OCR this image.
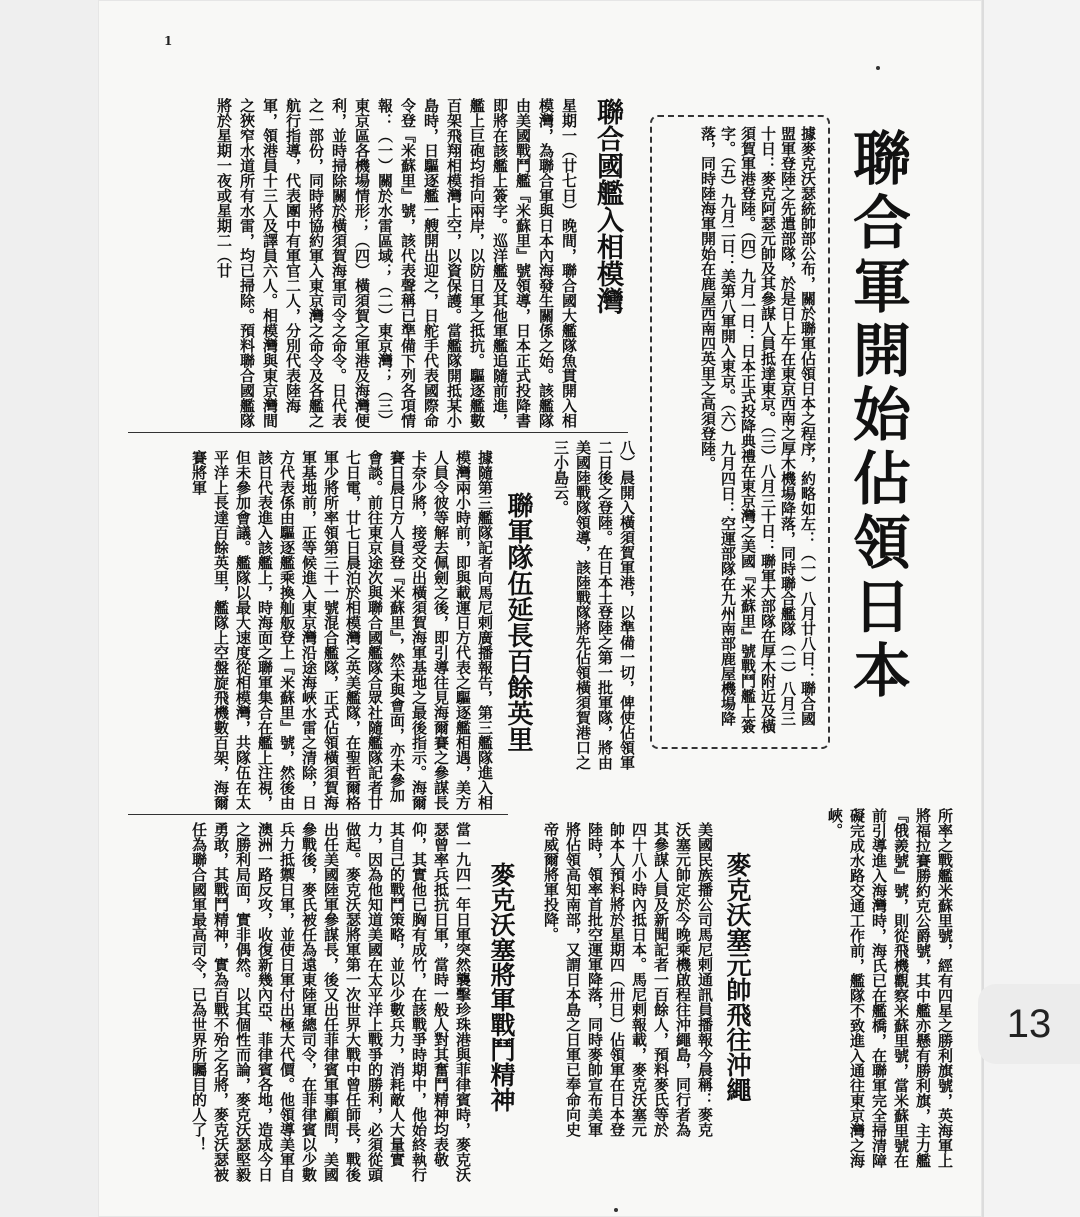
1​
聯合軍開始佔領日本
據麥克沃瑟統帥部公布，關於聯軍佔領日本之程序，約略如左：（一）八月廿八日：聯合國盟軍登陸之先遣部隊，於是日上午在東京西南之厚木機場降落，同時聯合艦隊（二）八月三十日：麥克阿瑟元帥及其參謀人員抵達東京。（三）八月三十日：聯軍大部隊在厚木附近及橫須賀軍港登陸。（四）九月一日：日本正式投降典禮在東京灣之美國『米蘇里』號戰鬥艦上簽字。（五）九月二日：美第八軍開入東京。（六）九月四日：空運部隊在九州南部鹿屋機場降落，同時陸海軍開始在鹿屋西南四英里之高須登陸。
聯合國艦入相模灣
星期一（廿七日）晚間，聯合國大艦隊魚貫開入相模灣，為聯合軍與日本內海發生關係之始。該艦隊由美國戰鬥艦『米蘇里』號領導，日本正式投降書即將在該艦上簽字。巡洋艦及其他軍艦追隨前進，艦上巨砲均指向兩岸，以防日軍之抵抗。驅逐艦數百架飛翔相模灣上空，以資保護。當艦隊開抵某小島時，日驅逐艦一艘開出迎之，日舵手代表國際命令登『米蘇里』號，該代表聲稱已準備下列各項情報：（一）關於水雷區域；（二）東京灣；（三）東京區各機場情形；（四）橫須賀之軍港及海灣便利，並時掃除關於橫須賀海軍司令之命令。日代表之一部份，同時將協約軍入東京灣之命令及各艦之航行指導，代表團中有軍官二人，分別代表陸海軍，領港員十三人及譯員六人。相模灣與東京灣間之狹窄水道所有水雷，均已掃除。預料聯合國艦隊將於星期一夜或星期二（廿
八）晨開入橫須賀軍港，以準備一切，俾使佔領軍二日後之登陸。在日本土登陸之第一批軍隊，將由美國陸戰隊領導，該陸戰隊將先佔領橫須賀港口之三小島云。
聯軍隊伍延長百餘英里
據隨第三艦隊記者向馬尼剌廣播報告，第三艦隊進入相模灣兩小時前，即與載運日方代表之驅逐艦相遇，美方人員令彼等解去佩劍之後，即引導往見海爾賽之參謀長卡奈少將，接受交出橫須賀海軍基地之最後指示。海爾賽日晨日方人員登『米蘇里』，然未與會面，亦未參加會談。前往東京途次與聯合國艦隊合眾社隨艦隊記者廿七日電，廿七日晨泊於相模灣之英美艦隊，在聖哲爾格軍少將所率領第三十一號混合艦隊，正式佔領橫須賀海軍基地前，正等候進入東京灣沿途海峽水雷之清除，日方代表係由驅逐艦乘換舢舨登上『米蘇里』號，然後由該日代表進入該艦上，時海面之聯軍集合在艦上注視，但未參加會議。艦隊以最大速度從相模灣，共隊伍在太平洋上長達百餘英里，艦隊上空盤旋飛機數百架，海爾賽將軍
所率之戰艦米蘇里號，經有四星之勝利旗號，英海軍上將福拉賽勝約克公爵號，其中艦亦懸有勝利旗，主力艦『俄羨號』號，則從飛機觀察米蘇里號，當米蘇里號在前引導進入海灣時，海氏已在艦橋，在聯軍完全掃清障礙完成水路交通工作前，艦隊不致進入通往東京灣之海峽。
麥克沃塞元帥飛往沖繩
美國民族播公司馬尼剌通訊員播報今晨稱：麥克沃塞元帥定於今晚乘機啟程往沖繩島，同行者為其參謀人員及新聞記者一百餘人，預料麥氏等於四十八小時內抵日本。馬尼剌報載，麥克沃塞元帥本人預料將於星期四（卅日）佔領軍在日本登陸時，領率首批空運軍降落，同時麥帥宣布美軍將佔領高知南部，又謂日本島之日軍已奉命向史帝威爾將軍投降。
麥克沃塞將軍戰鬥精神
當一九四一年日軍突然襲擊珍珠港與菲律賓時，麥克沃瑟曾率兵抵抗日軍，當時一般人對其奮鬥精神均表敬仰，其實他已胸有成竹，在該戰爭時期中，他始終執行其自己的戰鬥策略，並以少數兵力，消耗敵人大量實力，因為他知道美國在太平洋上戰爭的勝利，必須從頭做起。麥克沃瑟將軍第一次世界大戰中曾任師長，戰後出任美國陸軍參謀長，後又出任菲律賓軍事顧問，美國參戰後，麥氏被任為遠東陸軍總司令，在菲律賓以少數兵力抵禦日軍，並使日軍付出極大代價。他領導美軍自澳洲一路反攻，收復新幾內亞、菲律賓各地，造成今日之勝利局面，實非偶然。以其個性而論，麥克沃瑟堅毅勇敢，其戰鬥精神，實為百戰不殆之名將，麥克沃瑟被任為聯合國軍最高司令，已為世界所矚目的人了！	13
